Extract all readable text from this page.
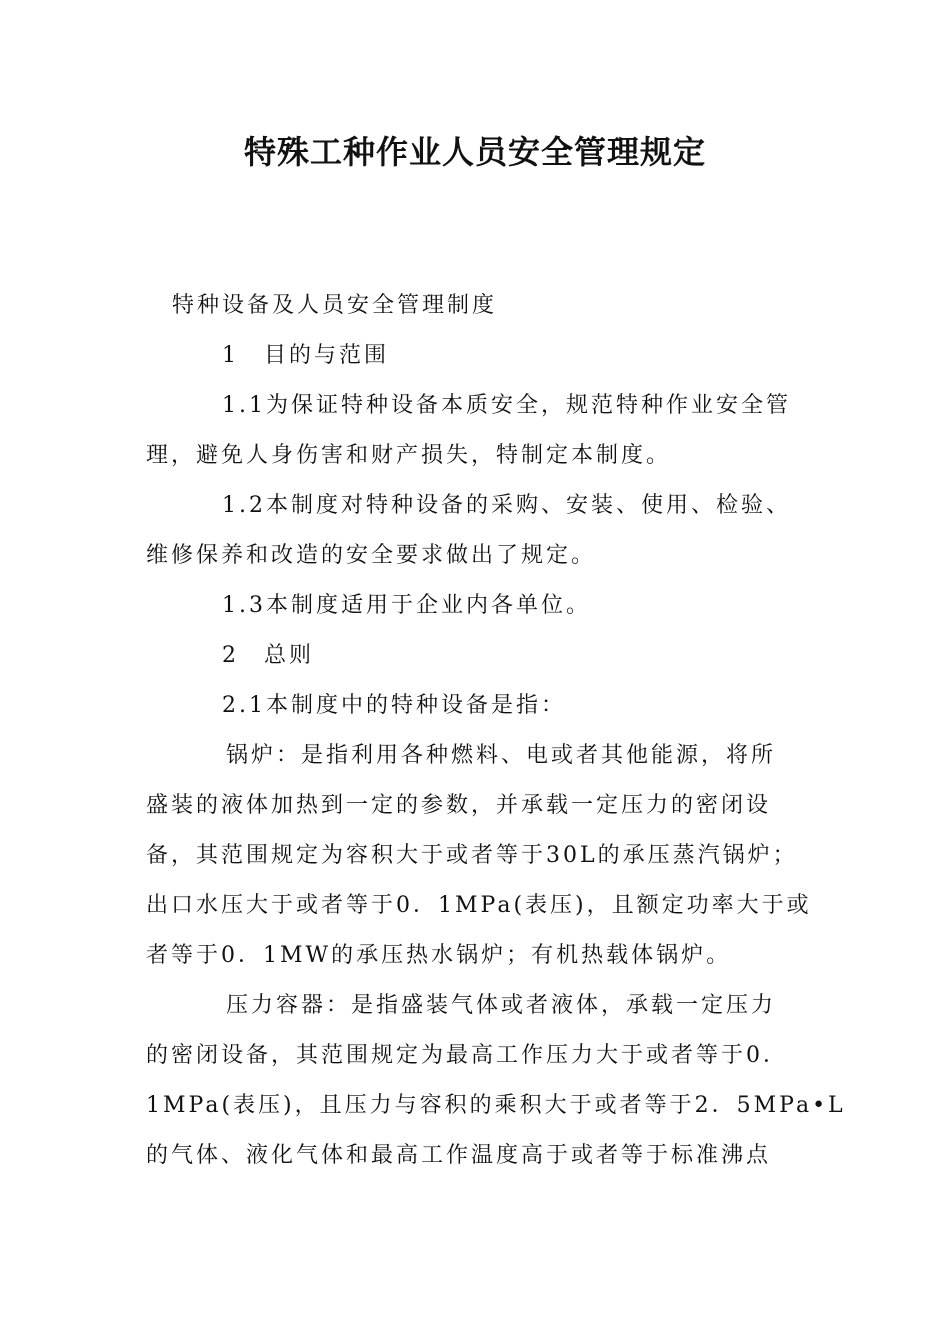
特殊工种作业人员安全管理规定

特种设备及人员安全管理制度

1　目的与范围

1.1为保证特种设备本质安全，规范特种作业安全管

理，避免人身伤害和财产损失，特制定本制度。

1.2本制度对特种设备的采购、安装、使用、检验、

维修保养和改造的安全要求做出了规定。

1.3本制度适用于企业内各单位。

2　总则

2.1本制度中的特种设备是指：

锅炉：是指利用各种燃料、电或者其他能源，将所

盛装的液体加热到一定的参数，并承载一定压力的密闭设

备，其范围规定为容积大于或者等于30L的承压蒸汽锅炉；

出口水压大于或者等于0．1MPa(表压)，且额定功率大于或

者等于0．1MW的承压热水锅炉；有机热载体锅炉。

压力容器：是指盛装气体或者液体，承载一定压力

的密闭设备，其范围规定为最高工作压力大于或者等于0．

1MPa(表压)，且压力与容积的乘积大于或者等于2．5MPa•L

的气体、液化气体和最高工作温度高于或者等于标准沸点
